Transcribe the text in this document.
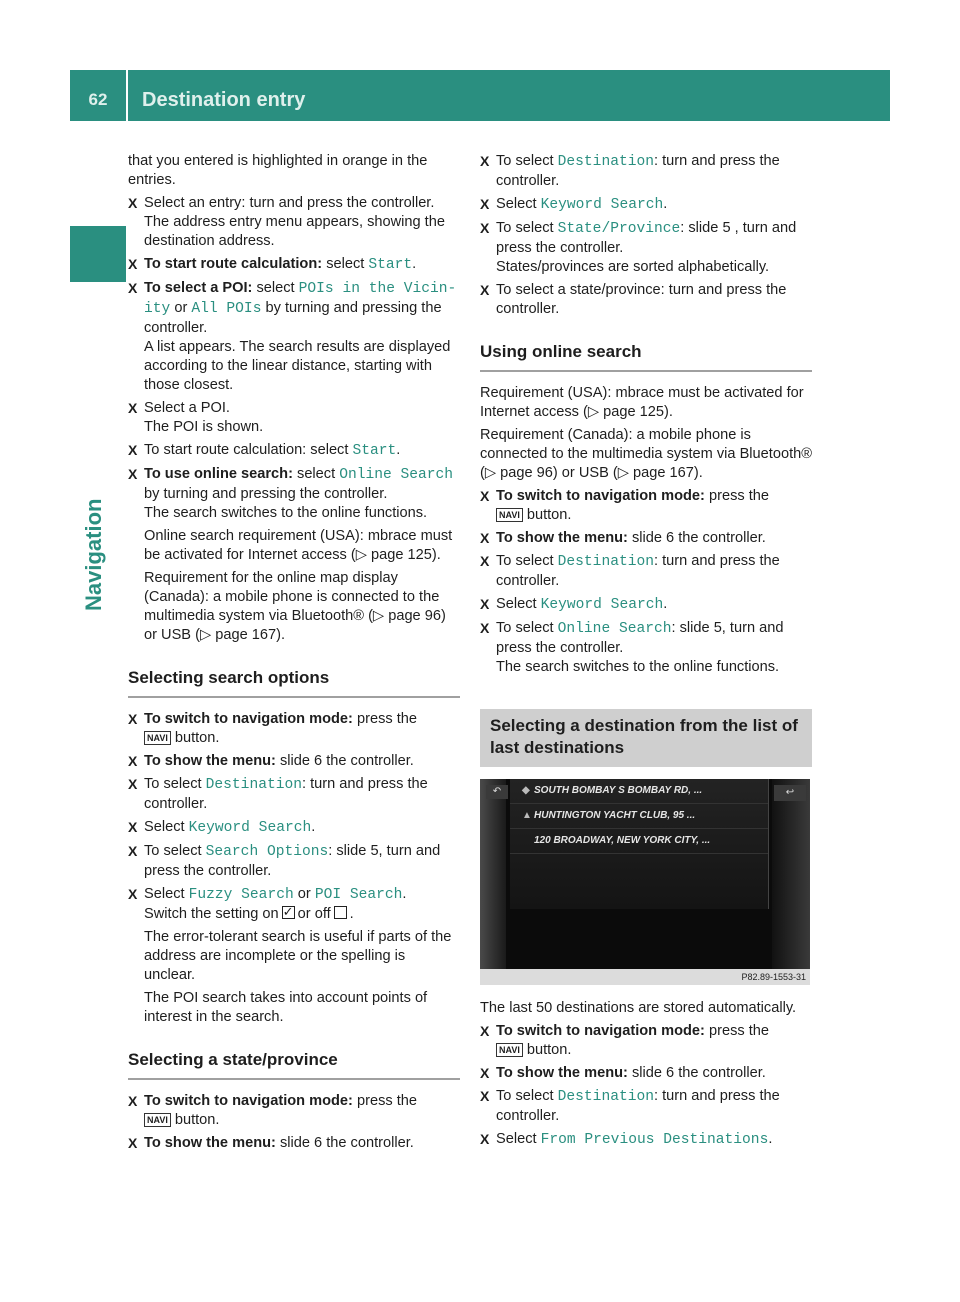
62	Destination entry
Navigation

that you entered is highlighted in orange in the entries.

X Select an entry: turn and press the controller.
The address entry menu appears, showing the destination address.
X To start route calculation: select Start.
X To select a POI: select POIs in the Vicin‐ ity or All POIs by turning and pressing the controller.
A list appears. The search results are displayed according to the linear distance, starting with those closest.
X Select a POI.
The POI is shown.
X To start route calculation: select Start.
X To use online search: select Online Search by turning and pressing the controller.
The search switches to the online functions.

Online search requirement (USA): mbrace must be activated for Internet access (▷ page 125).

Requirement for the online map display (Canada): a mobile phone is connected to the multimedia system via Bluetooth® (▷ page 96) or USB (▷ page 167).

Selecting search options
X To switch to navigation mode: press the
NAVI button.
X To show the menu: slide 6 the controller.
X To select Destination: turn and press the controller.
X Select Keyword Search.
X To select Search Options: slide 5, turn and press the controller.
X Select Fuzzy Search or POI Search.
Switch the setting on✓ or off .

The error-tolerant search is useful if parts of the address are incomplete or the spelling is unclear.

The POI search takes into account points of interest in the search.

Selecting a state/province
X To switch to navigation mode: press the
NAVI button.
X To show the menu: slide 6 the controller.
X To select Destination: turn and press the controller.
X Select Keyword Search.
X To select State/Province: slide 5 , turn and press the controller.
States/provinces are sorted alphabetically.
X To select a state/province: turn and press the controller.
Using online search

Requirement (USA): mbrace must be activated for Internet access (▷ page 125).

Requirement (Canada): a mobile phone is connected to the multimedia system via Bluetooth® (▷ page 96) or USB (▷ page 167).

X To switch to navigation mode: press the
NAVI button.
X To show the menu: slide 6 the controller.
X To select Destination: turn and press the controller.
X Select Keyword Search.
X To select Online Search: slide 5, turn and press the controller.
The search switches to the online functions.
Selecting a destination from the list of last destinations
↶	◆ SOUTH BOMBAY S BOMBAY RD, ...
▲ HUNTINGTON YACHT CLUB, 95 ...
120 BROADWAY, NEW YORK CITY, ...
↩
P82.89-1553-31

The last 50 destinations are stored automatically.

X To switch to navigation mode: press the
NAVI button.
X To show the menu: slide 6 the controller.
X To select Destination: turn and press the controller.
X Select From Previous Destinations.
